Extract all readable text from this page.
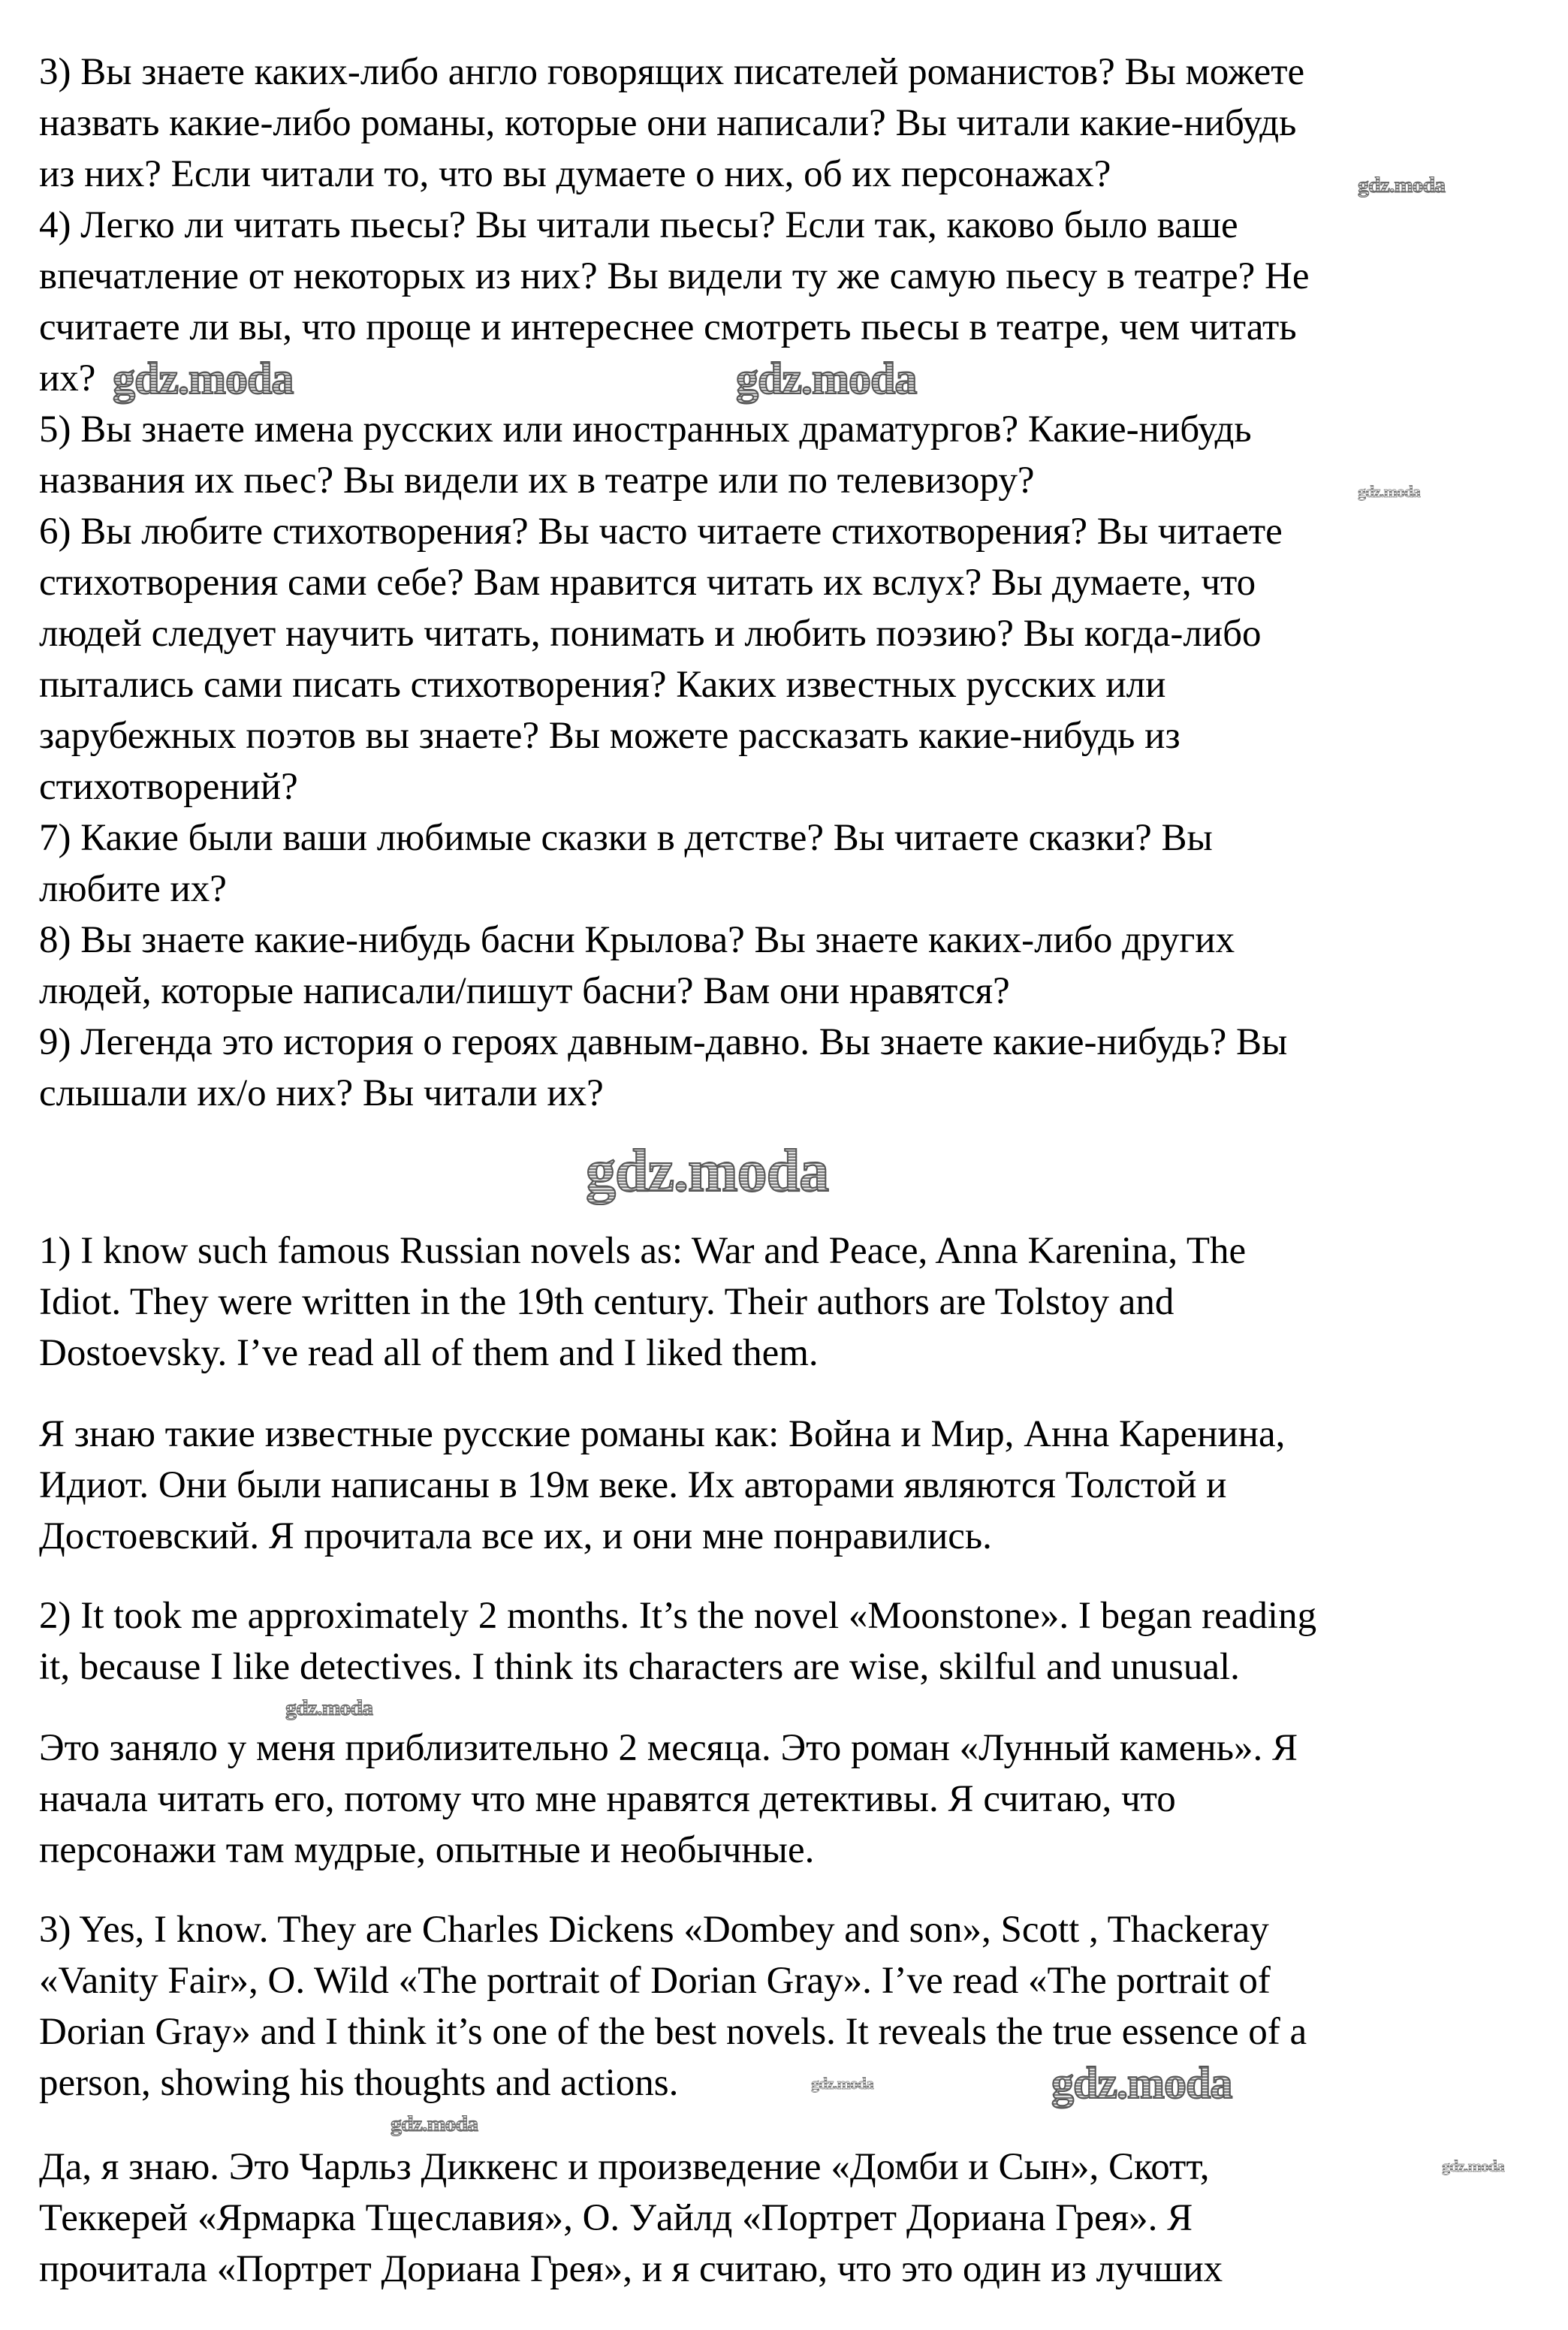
3) Вы знаете каких-либо англо говорящих писателей романистов? Вы можете
назвать какие-либо романы, которые они написали? Вы читали какие-нибудь
из них? Если читали то, что вы думаете о них, об их персонажах?
4) Легко ли читать пьесы? Вы читали пьесы? Если так, каково было ваше
впечатление от некоторых из них? Вы видели ту же самую пьесу в театре? Не
считаете ли вы, что проще и интереснее смотреть пьесы в театре, чем читать
их?
5) Вы знаете имена русских или иностранных драматургов? Какие-нибудь
названия их пьес? Вы видели их в театре или по телевизору?
6) Вы любите стихотворения? Вы часто читаете стихотворения? Вы читаете
стихотворения сами себе? Вам нравится читать их вслух? Вы думаете, что
людей следует научить читать, понимать и любить поэзию? Вы когда-либо
пытались сами писать стихотворения? Каких известных русских или
зарубежных поэтов вы знаете? Вы можете рассказать какие-нибудь из
стихотворений?
7) Какие были ваши любимые сказки в детстве? Вы читаете сказки? Вы
любите их?
8) Вы знаете какие-нибудь басни Крылова? Вы знаете каких-либо других
людей, которые написали/пишут басни? Вам они нравятся?
9) Легенда это история о героях давным-давно. Вы знаете какие-нибудь? Вы
слышали их/о них? Вы читали их?
1) I know such famous Russian novels as: War and Peace, Anna Karenina, The
Idiot. They were written in the 19th century. Their authors are Tolstoy and
Dostoevsky. I’ve read all of them and I liked them.
Я знаю такие известные русские романы как: Война и Мир, Анна Каренина,
Идиот. Они были написаны в 19м веке. Их авторами являются Толстой и
Достоевский. Я прочитала все их, и они мне понравились.
2) It took me approximately 2 months. It’s the novel «Moonstone». I began reading
it, because I like detectives. I think its characters are wise, skilful and unusual.
Это заняло у меня приблизительно 2 месяца. Это роман «Лунный камень». Я
начала читать его, потому что мне нравятся детективы. Я считаю, что
персонажи там мудрые, опытные и необычные.
3) Yes, I know. They are Charles Dickens «Dombey and son», Scott , Thackeray
«Vanity Fair», O. Wild «The portrait of Dorian Gray». I’ve read «The portrait of
Dorian Gray» and I think it’s one of the best novels. It reveals the true essence of a
person, showing his thoughts and actions.
Да, я знаю. Это Чарльз Диккенс и произведение «Домби и Сын», Скотт,
Теккерей «Ярмарка Тщеславия», О. Уайлд «Портрет Дориана Грея». Я
прочитала «Портрет Дориана Грея», и я считаю, что это один из лучших
gdz.moda
gdz.moda	gdz.moda
gdz.moda
gdz.moda
gdz.moda
gdz.moda	gdz.moda
gdz.moda
gdz.moda
